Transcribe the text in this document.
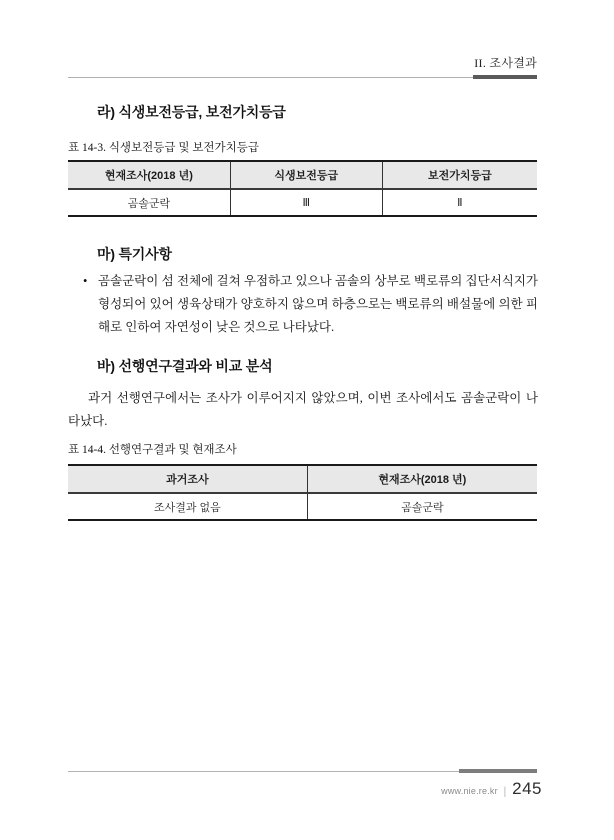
II. 조사결과
라) 식생보전등급, 보전가치등급
표 14-3. 식생보전등급 및 보전가치등급
현재조사(2018 년)	식생보전등급	보전가치등급
곰솔군락	Ⅲ	Ⅱ
마) 특기사항
• 곰솔군락이 섬 전체에 걸쳐 우점하고 있으나 곰솔의 상부로 백로류의 집단서식지가 형성되어 있어 생육상태가 양호하지 않으며 하층으로는 백로류의 배설물에 의한 피해로 인하여 자연성이 낮은 것으로 나타났다.
바) 선행연구결과와 비교 분석
과거 선행연구에서는 조사가 이루어지지 않았으며, 이번 조사에서도 곰솔군락이 나타났다.
표 14-4. 선행연구결과 및 현재조사
과거조사	현재조사(2018 년)
조사결과 없음	곰솔군락
www.nie.re.kr | 245
